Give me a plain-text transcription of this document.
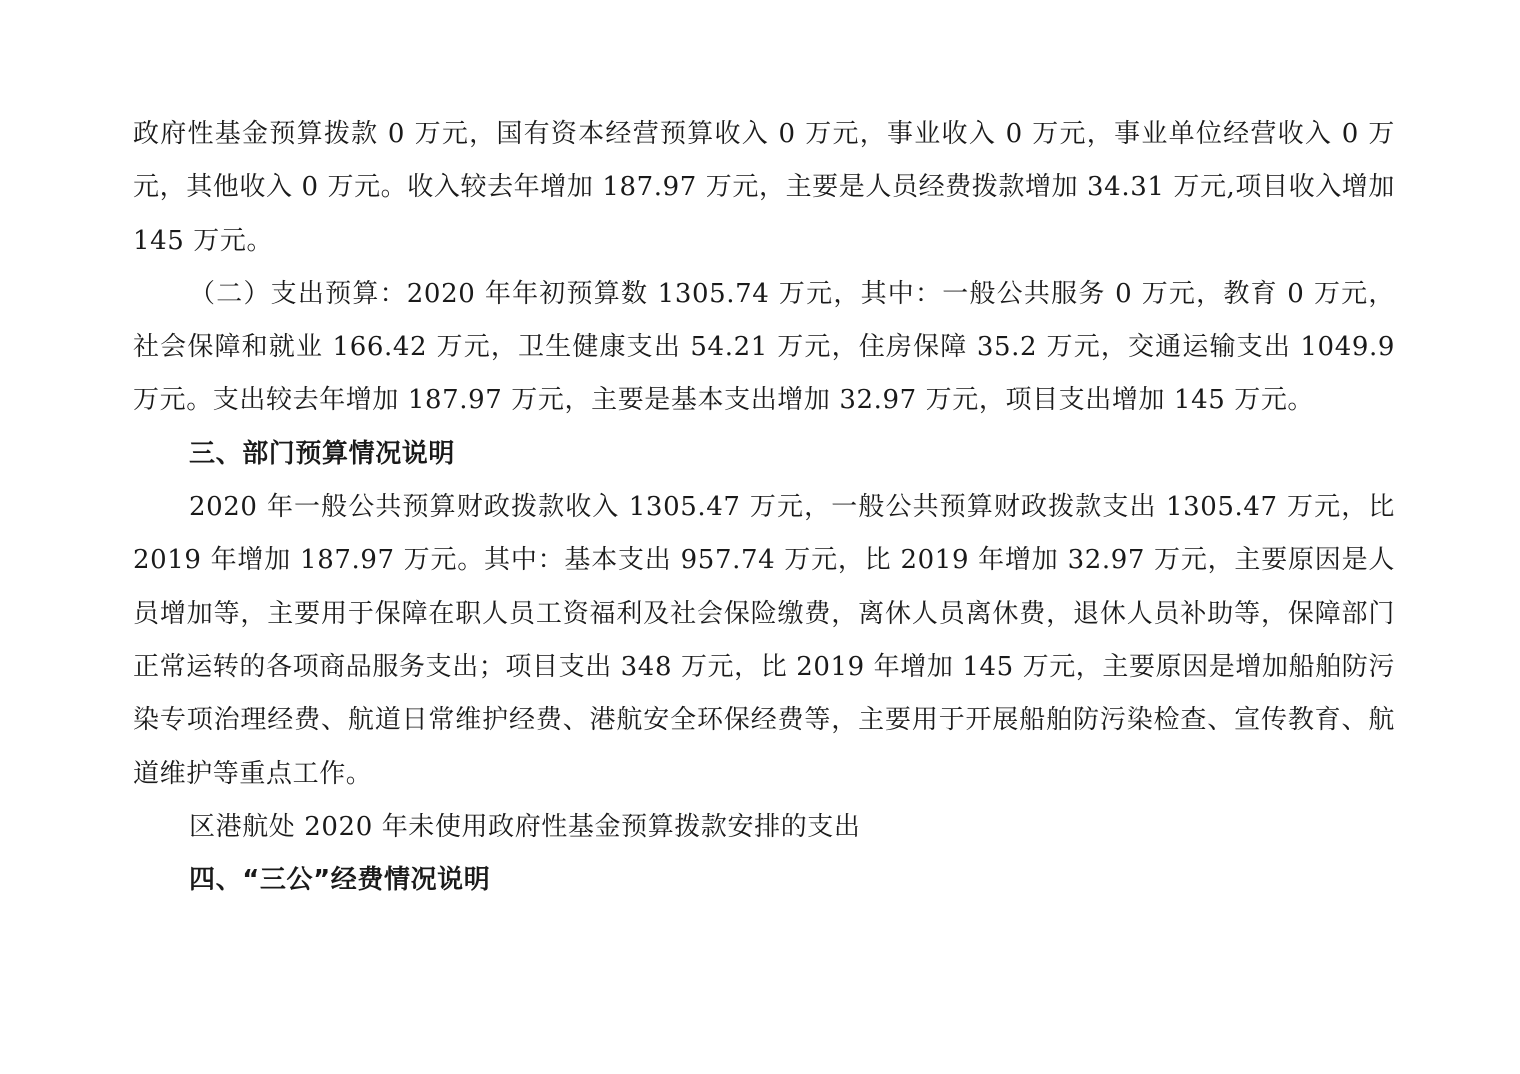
政府性基金预算拨款 0 万元，国有资本经营预算收入 0 万元，事业收入 0 万元，事业单位经营收入 0 万元，其他收入 0 万元。收入较去年增加 187.97 万元，主要是人员经费拨款增加 34.31 万元,项目收入增加 145 万元。

（二）支出预算：2020 年年初预算数 1305.74 万元，其中：一般公共服务 0 万元，教育 0 万元，社会保障和就业 166.42 万元，卫生健康支出 54.21 万元，住房保障 35.2 万元，交通运输支出 1049.9 万元。支出较去年增加 187.97 万元，主要是基本支出增加 32.97 万元，项目支出增加 145 万元。

三、部门预算情况说明

2020 年一般公共预算财政拨款收入 1305.47 万元，一般公共预算财政拨款支出 1305.47 万元，比 2019 年增加 187.97 万元。其中：基本支出 957.74 万元，比 2019 年增加 32.97 万元，主要原因是人员增加等，主要用于保障在职人员工资福利及社会保险缴费，离休人员离休费，退休人员补助等，保障部门正常运转的各项商品服务支出；项目支出 348 万元，比 2019 年增加 145 万元，主要原因是增加船舶防污染专项治理经费、航道日常维护经费、港航安全环保经费等，主要用于开展船舶防污染检查、宣传教育、航道维护等重点工作。

区港航处 2020 年未使用政府性基金预算拨款安排的支出

四、“三公”经费情况说明
